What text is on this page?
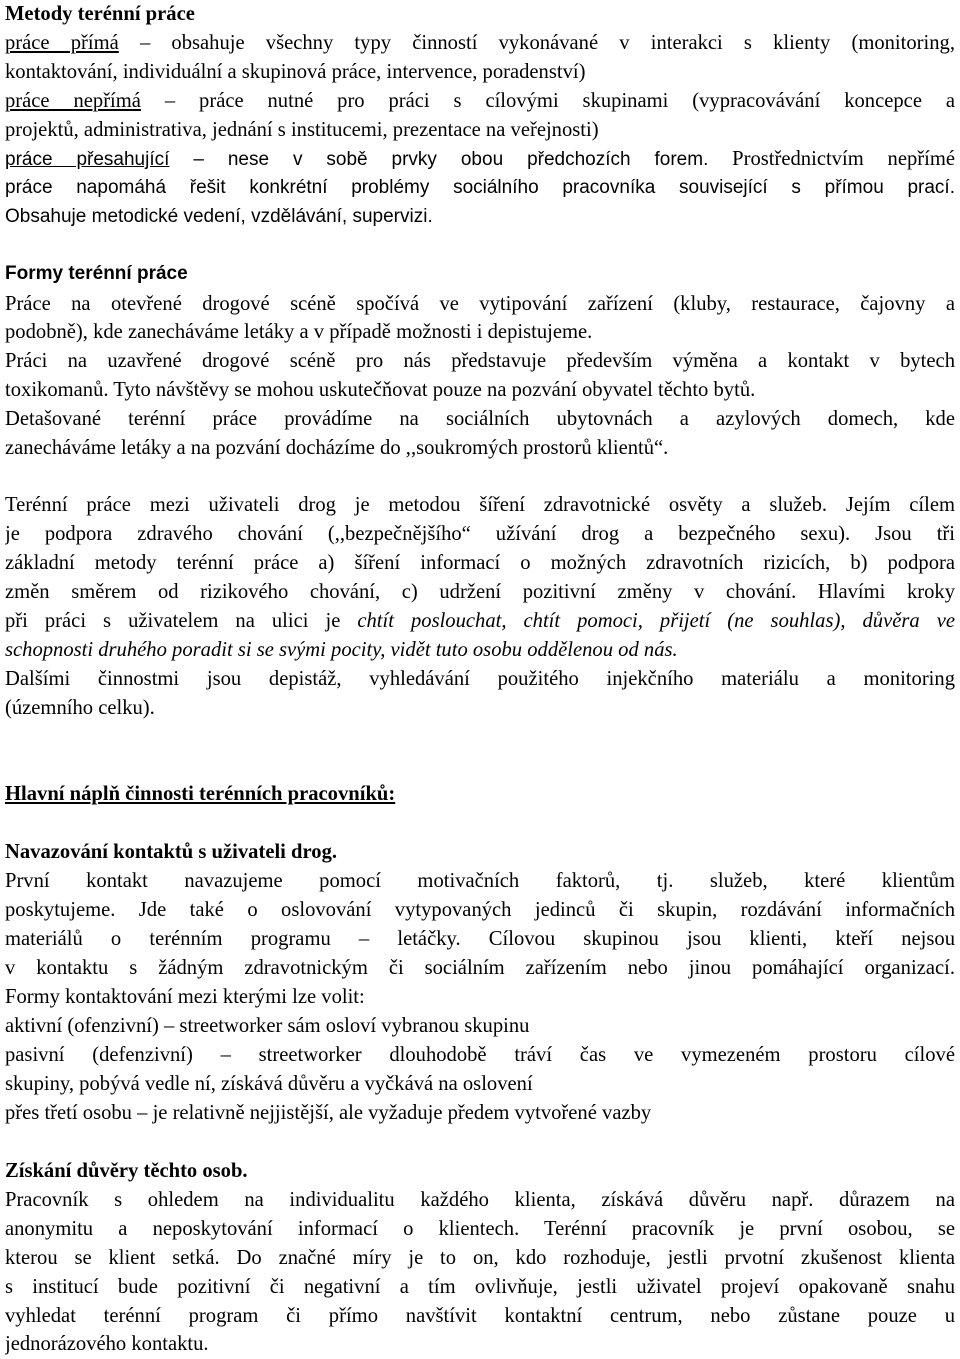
Metody terénní práce
práce přímá – obsahuje všechny typy činností vykonávané v interakci s klienty (monitoring,
kontaktování, individuální a skupinová práce, intervence, poradenství)
práce nepřímá – práce nutné pro práci s cílovými skupinami (vypracovávání koncepce a
projektů, administrativa, jednání s institucemi, prezentace na veřejnosti)
práce přesahující – nese v sobě prvky obou předchozích forem. Prostřednictvím nepřímé
práce napomáhá řešit konkrétní problémy sociálního pracovníka související s přímou prací.
Obsahuje metodické vedení, vzdělávání, supervizi.
Formy terénní práce
Práce na otevřené drogové scéně spočívá ve vytipování zařízení (kluby, restaurace, čajovny a
podobně), kde zanecháváme letáky a v případě možnosti i depistujeme.
Práci na uzavřené drogové scéně pro nás představuje především výměna a kontakt v bytech
toxikomanů. Tyto návštěvy se mohou uskutečňovat pouze na pozvání obyvatel těchto bytů.
Detašované terénní práce provádíme na sociálních ubytovnách a azylových domech, kde
zanecháváme letáky a na pozvání docházíme do ,,soukromých prostorů klientů“.
Terénní práce mezi uživateli drog je metodou šíření zdravotnické osvěty a služeb. Jejím cílem
je podpora zdravého chování (,,bezpečnějšího“ užívání drog a bezpečného sexu). Jsou tři
základní metody terénní práce a) šíření informací o možných zdravotních rizicích, b) podpora
změn směrem od rizikového chování, c) udržení pozitivní změny v chování. Hlavími kroky
při práci s uživatelem na ulici je chtít poslouchat, chtít pomoci, přijetí (ne souhlas), důvěra ve
schopnosti druhého poradit si se svými pocity, vidět tuto osobu oddělenou od nás.
Dalšími činnostmi jsou depistáž, vyhledávání použitého injekčního materiálu a monitoring
(územního celku).
Hlavní náplň činnosti terénních pracovníků:
Navazování kontaktů s uživateli drog.
První kontakt navazujeme pomocí motivačních faktorů, tj. služeb, které klientům
poskytujeme. Jde také o oslovování vytypovaných jedinců či skupin, rozdávání informačních
materiálů o terénním programu – letáčky. Cílovou skupinou jsou klienti, kteří nejsou
v kontaktu s žádným zdravotnickým či sociálním zařízením nebo jinou pomáhající organizací.
Formy kontaktování mezi kterými lze volit:
aktivní (ofenzivní) – streetworker sám osloví vybranou skupinu
pasivní (defenzivní) – streetworker dlouhodobě tráví čas ve vymezeném prostoru cílové
skupiny, pobývá vedle ní, získává důvěru a vyčkává na oslovení
přes třetí osobu – je relativně nejjistější, ale vyžaduje předem vytvořené vazby
Získání důvěry těchto osob.
Pracovník s ohledem na individualitu každého klienta, získává důvěru např. důrazem na
anonymitu a neposkytování informací o klientech. Terénní pracovník je první osobou, se
kterou se klient setká. Do značné míry je to on, kdo rozhoduje, jestli prvotní zkušenost klienta
s institucí bude pozitivní či negativní a tím ovlivňuje, jestli uživatel projeví opakovaně snahu
vyhledat terénní program či přímo navštívit kontaktní centrum, nebo zůstane pouze u
jednorázového kontaktu.
